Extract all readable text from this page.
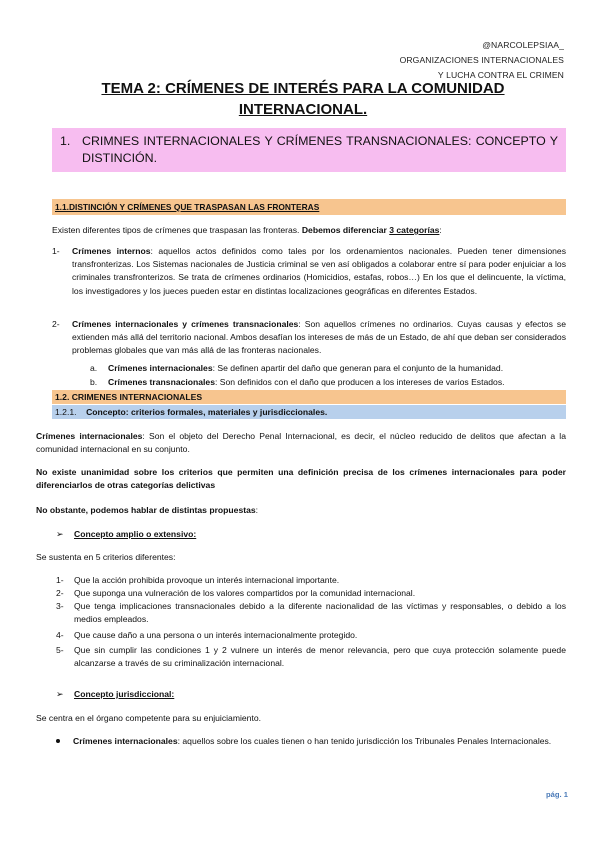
@NARCOLEPSIAA_
ORGANIZACIONES INTERNACIONALES
Y LUCHA CONTRA EL CRIMEN
TEMA 2: CRÍMENES DE INTERÉS PARA LA COMUNIDAD INTERNACIONAL.
1. CRIMNES INTERNACIONALES Y CRÍMENES TRANSNACIONALES: CONCEPTO Y DISTINCIÓN.
1.1.DISTINCIÓN Y CRÍMENES QUE TRASPASAN LAS FRONTERAS
Existen diferentes tipos de crímenes que traspasan las fronteras. Debemos diferenciar 3 categorías:
1-	Crímenes internos: aquellos actos definidos como tales por los ordenamientos nacionales. Pueden tener dimensiones transfronterizas. Los Sistemas nacionales de Justicia criminal se ven así obligados a colaborar entre sí para poder enjuiciar a los criminales transfronterizos. Se trata de crímenes ordinarios (Homicidios, estafas, robos…) En los que el delincuente, la víctima, los investigadores y los jueces pueden estar en distintas localizaciones geográficas en diferentes Estados.
2-	Crímenes internacionales y crímenes transnacionales: Son aquellos crímenes no ordinarios. Cuyas causas y efectos se extienden más allá del territorio nacional. Ambos desafían los intereses de más de un Estado, de ahí que deban ser considerados problemas globales que van más allá de las fronteras nacionales.
a.	Crímenes internacionales: Se definen apartir del daño que generan para el conjunto de la humanidad.
b.	Crímenes transnacionales: Son definidos con el daño que producen a los intereses de varios Estados.
1.2. CRIMENES INTERNACIONALES
1.2.1. Concepto: criterios formales, materiales y jurisdiccionales.
Crímenes internacionales: Son el objeto del Derecho Penal Internacional, es decir, el núcleo reducido de delitos que afectan a la comunidad internacional en su conjunto.
No existe unanimidad sobre los criterios que permiten una definición precisa de los crímenes internacionales para poder diferenciarlos de otras categorías delictivas
No obstante, podemos hablar de distintas propuestas:
➢ Concepto amplio o extensivo:
Se sustenta en 5 criterios diferentes:
1-	Que la acción prohibida provoque un interés internacional importante.
2-	Que suponga una vulneración de los valores compartidos por la comunidad internacional.
3-	Que tenga implicaciones transnacionales debido a la diferente nacionalidad de las víctimas y responsables, o debido a los medios empleados.
4-	Que cause daño a una persona o un interés internacionalmente protegido.
5-	Que sin cumplir las condiciones 1 y 2 vulnere un interés de menor relevancia, pero que cuya protección solamente puede alcanzarse a través de su criminalización internacional.
➢ Concepto jurisdiccional:
Se centra en el órgano competente para su enjuiciamiento.
Crímenes internacionales: aquellos sobre los cuales tienen o han tenido jurisdicción los Tribunales Penales Internacionales.
pág. 1
